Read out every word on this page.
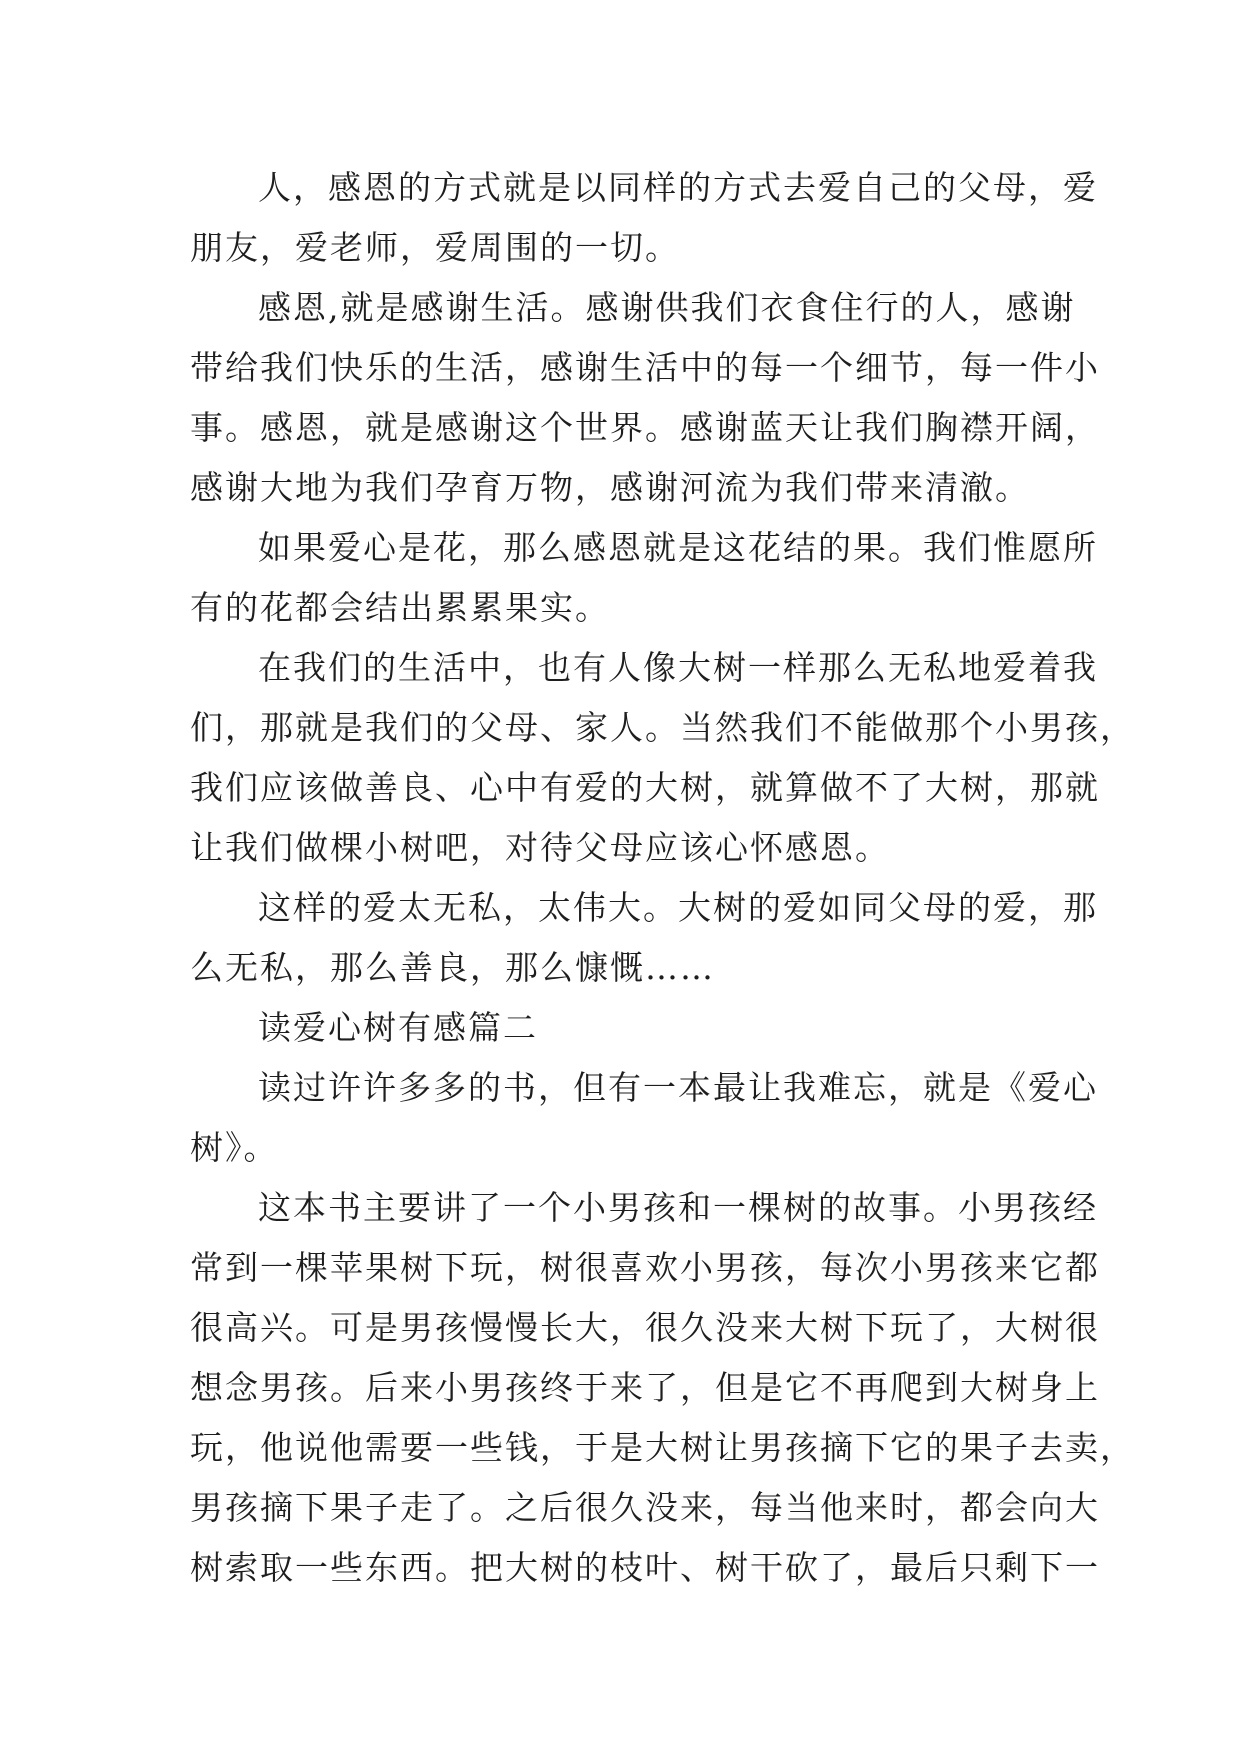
人，感恩的方式就是以同样的方式去爱自己的父母，爱
朋友，爱老师，爱周围的一切。
感恩,就是感谢生活。感谢供我们衣食住行的人，感谢
带给我们快乐的生活，感谢生活中的每一个细节，每一件小
事。感恩，就是感谢这个世界。感谢蓝天让我们胸襟开阔，
感谢大地为我们孕育万物，感谢河流为我们带来清澈。
如果爱心是花，那么感恩就是这花结的果。我们惟愿所
有的花都会结出累累果实。
在我们的生活中，也有人像大树一样那么无私地爱着我
们，那就是我们的父母、家人。当然我们不能做那个小男孩，
我们应该做善良、心中有爱的大树，就算做不了大树，那就
让我们做棵小树吧，对待父母应该心怀感恩。
这样的爱太无私，太伟大。大树的爱如同父母的爱，那
么无私，那么善良，那么慷慨……
读爱心树有感篇二
读过许许多多的书，但有一本最让我难忘，就是《爱心
树》。
这本书主要讲了一个小男孩和一棵树的故事。小男孩经
常到一棵苹果树下玩，树很喜欢小男孩，每次小男孩来它都
很高兴。可是男孩慢慢长大，很久没来大树下玩了，大树很
想念男孩。后来小男孩终于来了，但是它不再爬到大树身上
玩，他说他需要一些钱，于是大树让男孩摘下它的果子去卖，
男孩摘下果子走了。之后很久没来，每当他来时，都会向大
树索取一些东西。把大树的枝叶、树干砍了，最后只剩下一
